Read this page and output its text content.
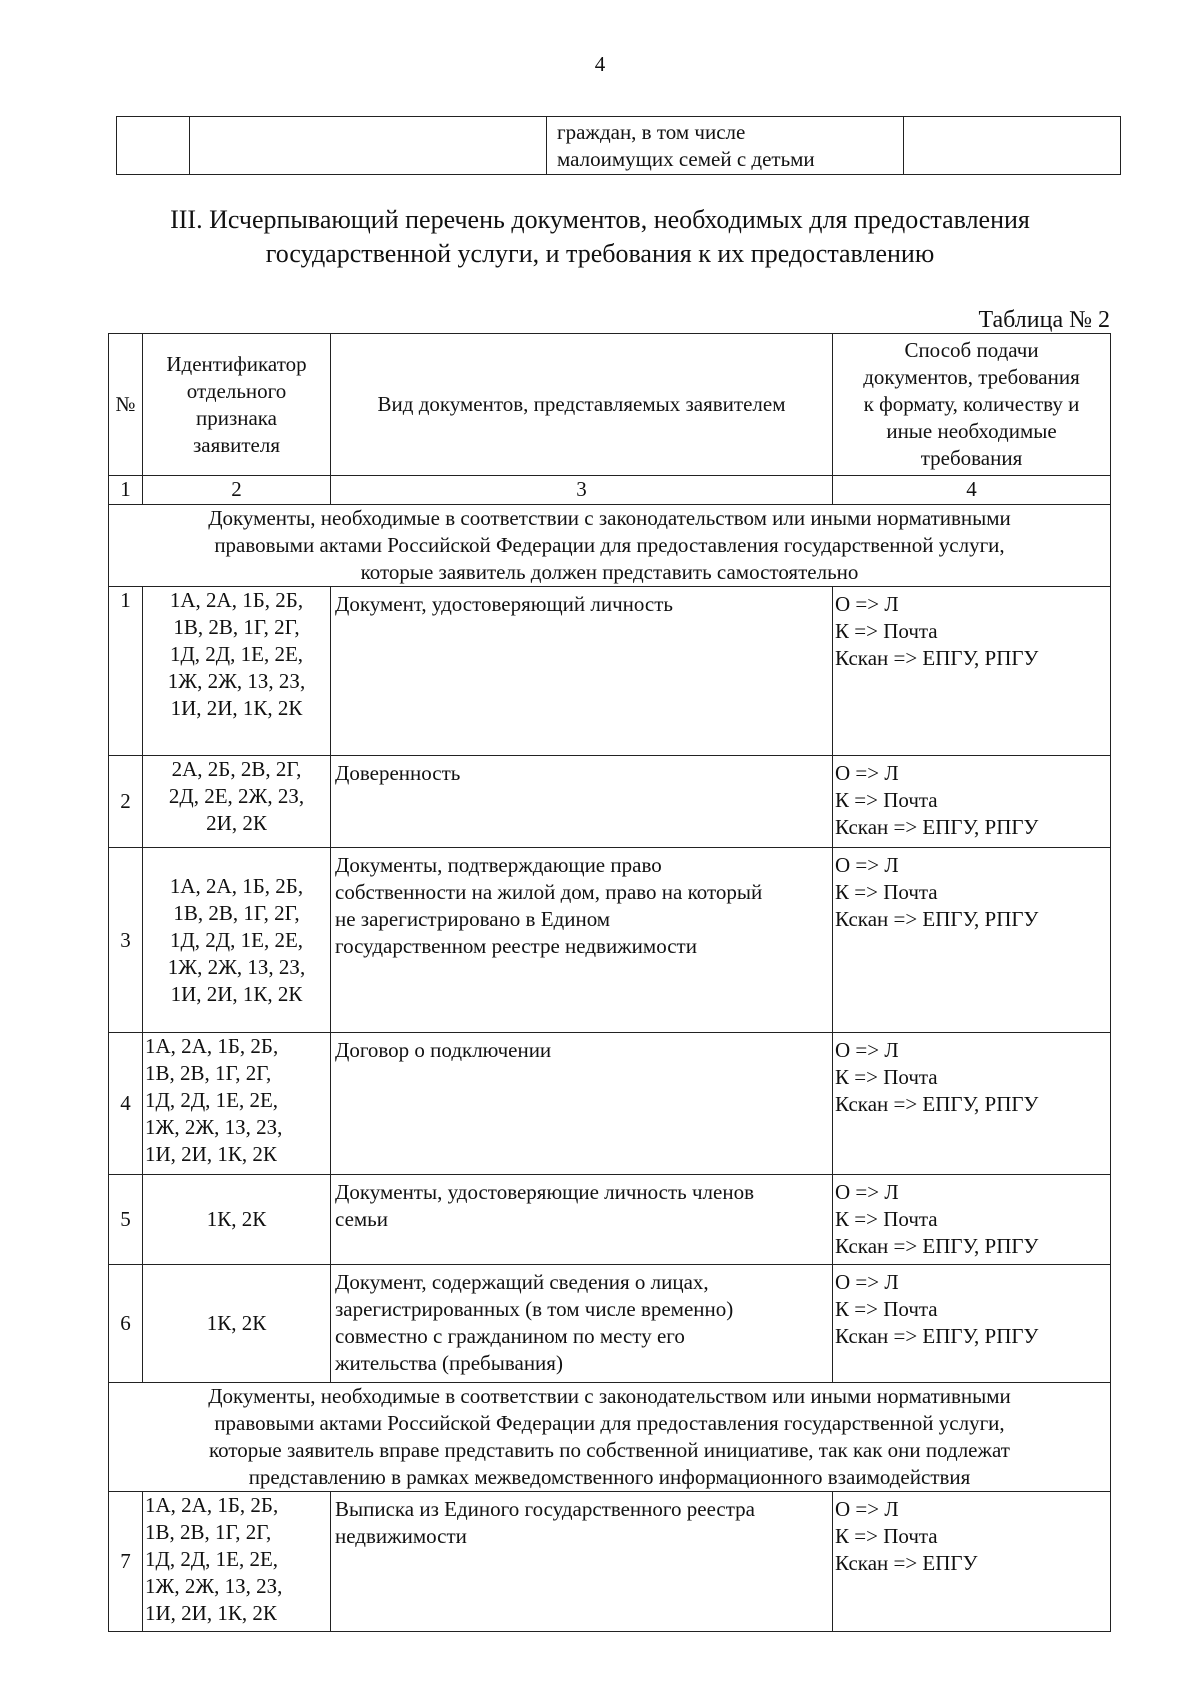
4

граждан, в том числе
малоимущих семей с детьми

III. Исчерпывающий перечень документов, необходимых для предоставления
государственной услуги, и требования к их предоставлению
Таблица № 2
№	Идентификатор
отдельного
признака
заявителя	Вид документов, представляемых заявителем	Способ подачи
документов, требования
к формату, количеству и
иные необходимые
требования

1	2	3	4

Документы, необходимые в соответствии с законодательством или иными нормативными
правовыми актами Российской Федерации для предоставления государственной услуги,
которые заявитель должен представить самостоятельно			

1	1А, 2А, 1Б, 2Б,
1В, 2В, 1Г, 2Г,
1Д, 2Д, 1Е, 2Е,
1Ж, 2Ж, 1З, 2З,
1И, 2И, 1К, 2К	Документ, удостоверяющий личность	О => Л
К => Почта
Кскан => ЕПГУ, РПГУ

2	2А, 2Б, 2В, 2Г,
2Д, 2Е, 2Ж, 2З,
2И, 2К	Доверенность	О => Л
К => Почта
Кскан => ЕПГУ, РПГУ

3	1А, 2А, 1Б, 2Б,
1В, 2В, 1Г, 2Г,
1Д, 2Д, 1Е, 2Е,
1Ж, 2Ж, 1З, 2З,
1И, 2И, 1К, 2К	Документы, подтверждающие право
собственности на жилой дом, право на который
не зарегистрировано в Едином
государственном реестре недвижимости	О => Л
К => Почта
Кскан => ЕПГУ, РПГУ

4	1А, 2А, 1Б, 2Б,
1В, 2В, 1Г, 2Г,
1Д, 2Д, 1Е, 2Е,
1Ж, 2Ж, 1З, 2З,
1И, 2И, 1К, 2К	Договор о подключении	О => Л
К => Почта
Кскан => ЕПГУ, РПГУ

5	1К, 2К	Документы, удостоверяющие личность членов
семьи	О => Л
К => Почта
Кскан => ЕПГУ, РПГУ

6	1К, 2К	Документ, содержащий сведения о лицах,
зарегистрированных (в том числе временно)
совместно с гражданином по месту его
жительства (пребывания)	О => Л
К => Почта
Кскан => ЕПГУ, РПГУ

Документы, необходимые в соответствии с законодательством или иными нормативными
правовыми актами Российской Федерации для предоставления государственной услуги,
которые заявитель вправе представить по собственной инициативе, так как они подлежат
представлению в рамках межведомственного информационного взаимодействия			

7	1А, 2А, 1Б, 2Б,
1В, 2В, 1Г, 2Г,
1Д, 2Д, 1Е, 2Е,
1Ж, 2Ж, 1З, 2З,
1И, 2И, 1К, 2К	Выписка из Единого государственного реестра
недвижимости	О => Л
К => Почта
Кскан => ЕПГУ
